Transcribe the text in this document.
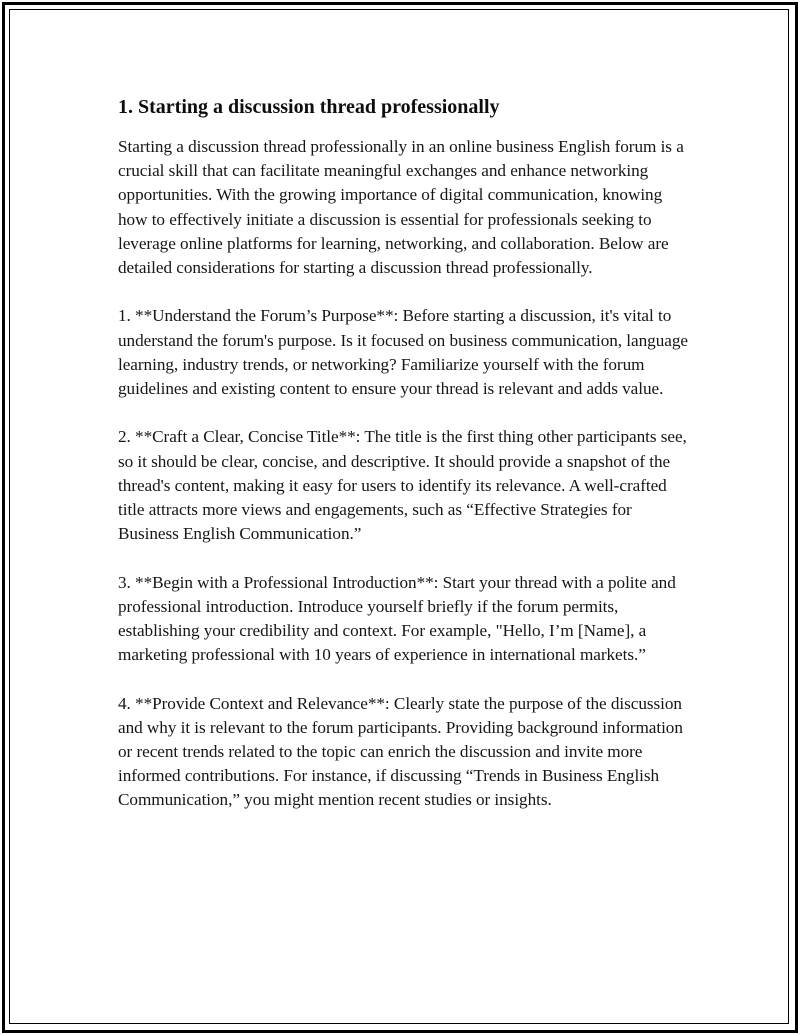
1. Starting a discussion thread professionally

Starting a discussion thread professionally in an online business English forum is a crucial skill that can facilitate meaningful exchanges and enhance networking opportunities. With the growing importance of digital communication, knowing how to effectively initiate a discussion is essential for professionals seeking to leverage online platforms for learning, networking, and collaboration. Below are detailed considerations for starting a discussion thread professionally.

1. **Understand the Forum’s Purpose**: Before starting a discussion, it's vital to understand the forum's purpose. Is it focused on business communication, language learning, industry trends, or networking? Familiarize yourself with the forum guidelines and existing content to ensure your thread is relevant and adds value.

2. **Craft a Clear, Concise Title**: The title is the first thing other participants see, so it should be clear, concise, and descriptive. It should provide a snapshot of the thread's content, making it easy for users to identify its relevance. A well-crafted title attracts more views and engagements, such as “Effective Strategies for Business English Communication.”

3. **Begin with a Professional Introduction**: Start your thread with a polite and professional introduction. Introduce yourself briefly if the forum permits, establishing your credibility and context. For example, "Hello, I’m [Name], a marketing professional with 10 years of experience in international markets.”

4. **Provide Context and Relevance**: Clearly state the purpose of the discussion and why it is relevant to the forum participants. Providing background information or recent trends related to the topic can enrich the discussion and invite more informed contributions. For instance, if discussing “Trends in Business English Communication,” you might mention recent studies or insights.
